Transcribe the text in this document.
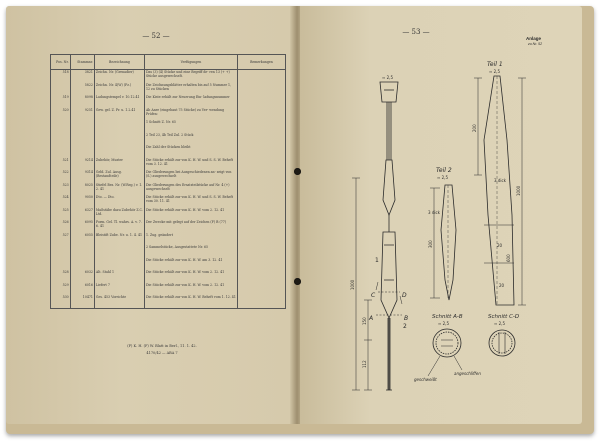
— 52 —
Pos. Nr.	Stammnr.	Bezeichnung	Verfügungen	Bemerkungen
518	3821	Zeichn. Nr. (Grenadier)	Das (3) (4) Stücke und eine Begriff de- ren 13 (+ +) Stücke ausgewechselt.	
	5822	Zeichn. Nr. 4(W) (Fz.)	Die Zeichnungsblätter erhalten bis auf 5 Nummer 1, 12 zu Stücken	
519	8098	Ladungstempel v. 10.12.41	Die Kiste erhält zur Neuerung Ein- ladungsnummer	
520	9251	Gew. gel. Z. Pr. u. 1.2.41	Ab Anre (eingebaut 75 Stücke) zu Ver- wendung Prüfen:	
			1 Schnitt Z. Nr. 65	
			2 Teil 23, 4b Teil Zul. 2 Stück	
			Die Zahl der Stücken bleibt	
521	9214	Zubehör, Muster	Die Stücke erhält zur von K. H. W. und S. S. W. Beheft vom 3. 12. 41	
522	9314	Gebl. Zul. Ausg. (Bestandteile)	Die Gliederungen bei Ausgeschiedenen an- zeigt von (S.) ausgewechselt	
523	8025	Stiefel Bes. Nr. (W.Reg.) v. 1. 2. 41	Die Gliederungen des Ersatzteilstücke auf Nr. 4 (+) ausgewechselt	
524	9050	Dto. — Dto.	Die Stücke erhält zur von K. H. W. und S. S. W. Beheft vom 30. 11. 41	
525	6327	Maßstäbe dazu Zubehör Z.C. Ltd.	Die Stücke erhält zur von K. H. W. vom 2. 12. 41	
526	6095	Form. Gel. Tl. wahrs. A. v. 7. 6. 41	Der Zwecke mit gelegt auf der Zeichen (F) B (77)	
527	6055	Bleistift Zube. Nr. u. 1. 4. 41	1. Zug. geändert	
			2 Sammelstücke, Ausgestattete Nr. 65	
			Die Stücke erhält zur von K. H. W. am 3. 12. 41	
528	6032	Alt. Stahl 1	Die Stücke erhält zur von K. H. W. vom 2. 12. 41	
529	6016	Liefert 7	Die Stücke erhält zur von K. H. W. vom 2. 12. 41	
530	10471	Ges. 453 Vorrichte	Die Stücke erhält zur von K. H. W. Beheft vom 1. 12. 41	
(F) K. H. (F) W. Blatt in Berl., 11. 1. 42.
4170/42 — ABA 7
— 53 —
Anlage
zu Nr. 52
≈ 2,5
1
2
C	D
A	B
1000
150
112
Teil 2
≈ 2,5
3 dick
300
Teil 1
≈ 2,5
200
1000
3 dick
20
20
600
Schnitt A-B
≈ 2,5
Schnitt C-D
≈ 2,5
geschweißt
angeschliffen
